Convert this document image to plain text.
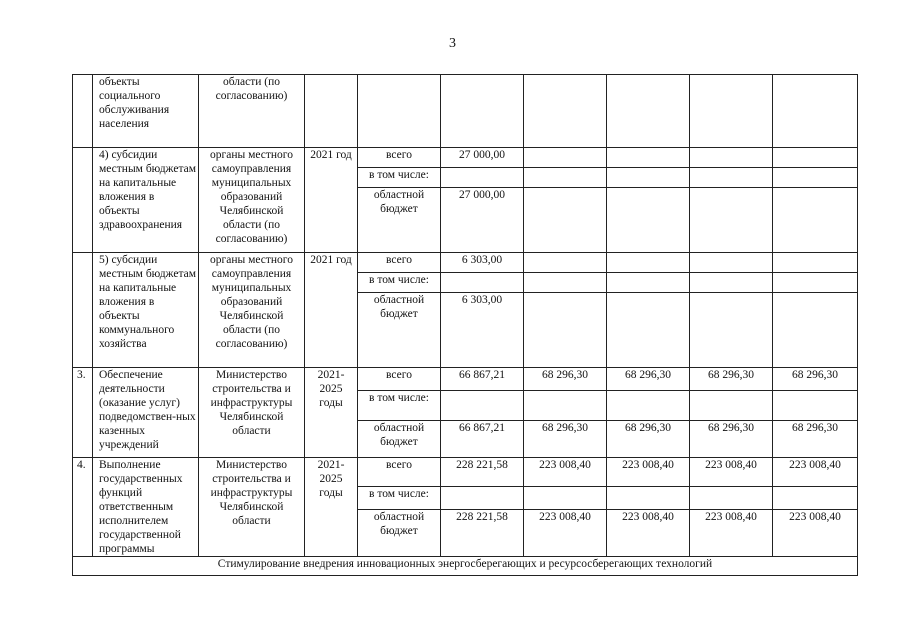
3
	объекты социального обслуживания населения	области (по согласованию)							
	4) субсидии местным бюджетам на капитальные вложения в объекты здравоохранения	органы местного самоуправления муниципальных образований Челябинской области (по согласованию)	2021 год	всего	27 000,00				
				в том числе:					
				областной бюджет	27 000,00				
	5) субсидии местным бюджетам на капитальные вложения в объекты коммунального хозяйства	органы местного самоуправления муниципальных образований Челябинской области (по согласованию)	2021 год	всего	6 303,00				
				в том числе:					
				областной бюджет	6 303,00				
3.	Обеспечение деятельности (оказание услуг) подведомствен-ных казенных учреждений	Министерство строительства и инфраструктуры Челябинской области	2021-2025 годы	всего	66 867,21	68 296,30	68 296,30	68 296,30	68 296,30
				в том числе:					
				областной бюджет	66 867,21	68 296,30	68 296,30	68 296,30	68 296,30
4.	Выполнение государственных функций ответственным исполнителем государственной программы	Министерство строительства и инфраструктуры Челябинской области	2021-2025 годы	всего	228 221,58	223 008,40	223 008,40	223 008,40	223 008,40
				в том числе:					
				областной бюджет	228 221,58	223 008,40	223 008,40	223 008,40	223 008,40
Стимулирование внедрения инновационных энергосберегающих и ресурсосберегающих технологий									
